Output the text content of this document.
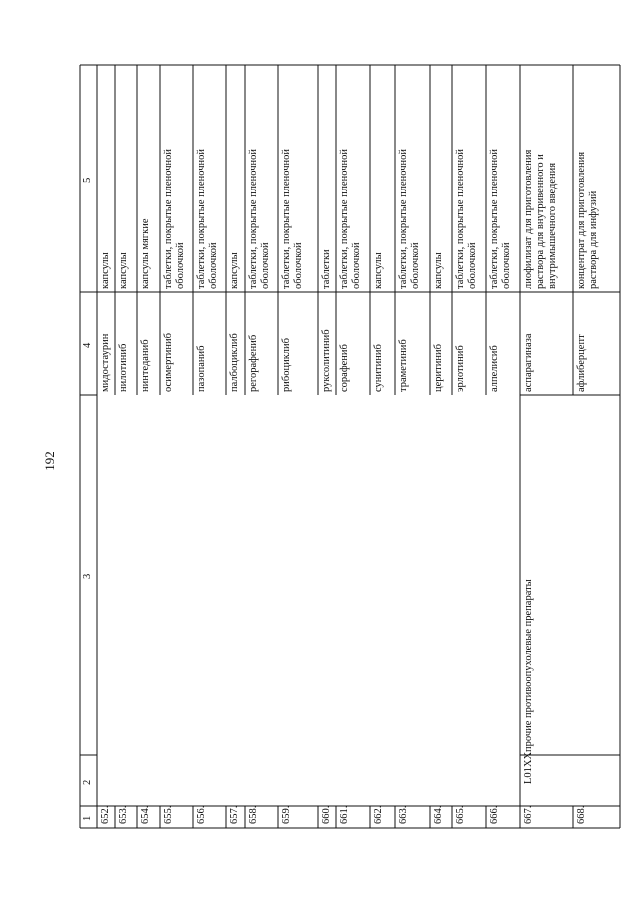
192
1
2
3
4
5
652.
мидостаурин
капсулы
653.
нилотиниб
капсулы
654.
нинтеданиб
капсулы мягкие
655.
осимертиниб
таблетки, покрытые пленочной оболочкой
656.
пазопаниб
таблетки, покрытые пленочной оболочкой
657.
палбоциклиб
капсулы
658.
регорафениб
таблетки, покрытые пленочной оболочкой
659.
рибоциклиб
таблетки, покрытые пленочной оболочкой
660.
руксолитиниб
таблетки
661.
сорафениб
таблетки, покрытые пленочной оболочкой
662.
сунитиниб
капсулы
663.
траметиниб
таблетки, покрытые пленочной оболочкой
664.
церитиниб
капсулы
665.
эрлотиниб
таблетки, покрытые пленочной оболочкой
666.
алпелисиб
таблетки, покрытые пленочной оболочкой
667.
аспарагиназа
лиофилизат для приготовления раствора для внутривенного и внутримышечного введения
668.
афлиберцепт
концентрат для приготовления раствора для инфузий
L01XX
прочие противоопухолевые препараты
